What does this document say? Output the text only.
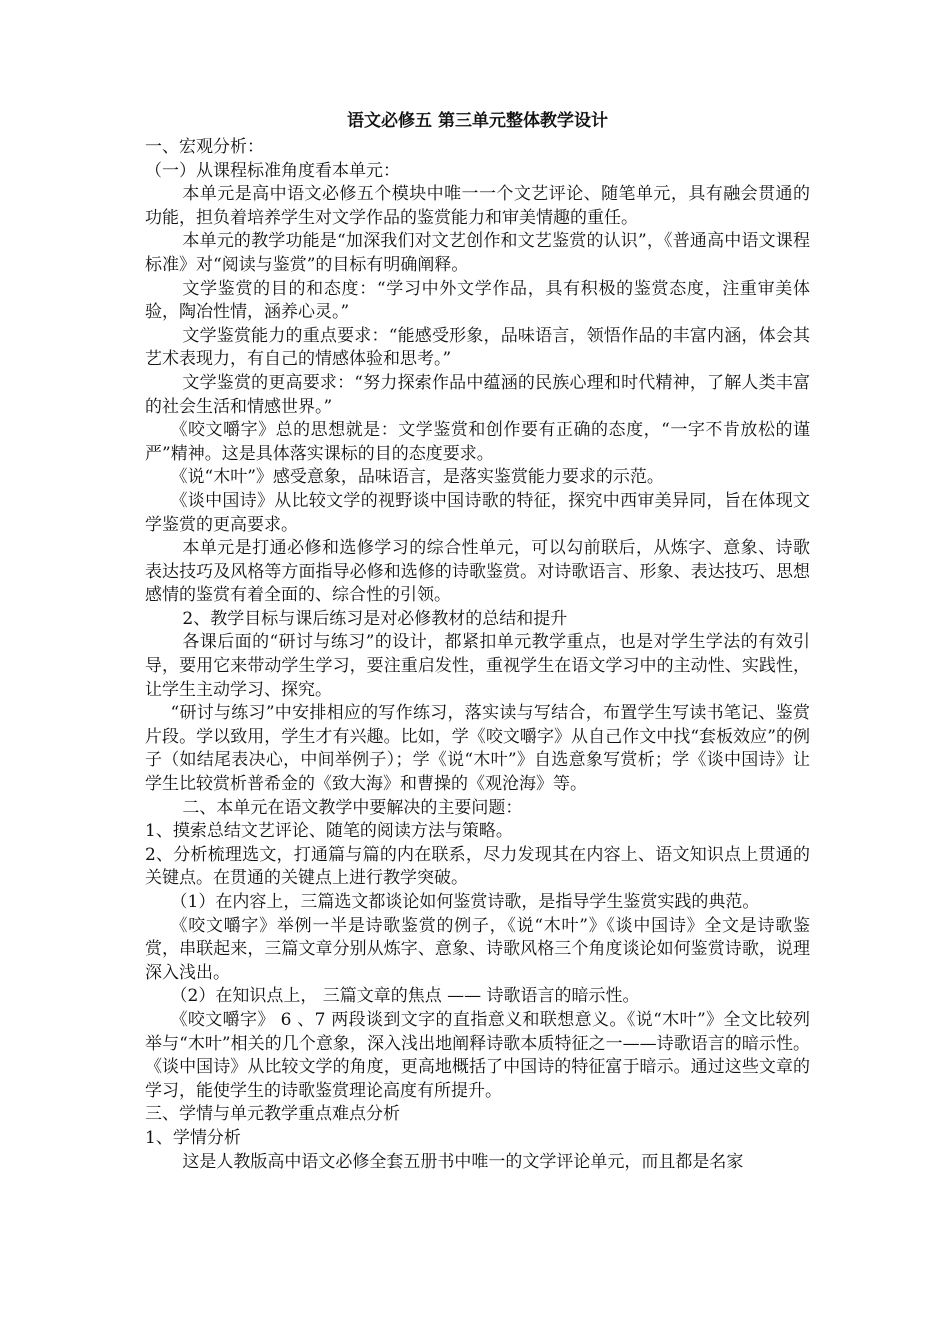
语文必修五 第三单元整体教学设计

一、宏观分析：

（一）从课程标准角度看本单元：

本单元是高中语文必修五个模块中唯一一个文艺评论、随笔单元，具有融会贯通的功能，担负着培养学生对文学作品的鉴赏能力和审美情趣的重任。

本单元的教学功能是“加深我们对文艺创作和文艺鉴赏的认识”，《普通高中语文课程标准》对“阅读与鉴赏”的目标有明确阐释。

文学鉴赏的目的和态度：“学习中外文学作品，具有积极的鉴赏态度，注重审美体验，陶冶性情，涵养心灵。”

文学鉴赏能力的重点要求：“能感受形象，品味语言，领悟作品的丰富内涵，体会其艺术表现力，有自己的情感体验和思考。”

文学鉴赏的更高要求：“努力探索作品中蕴涵的民族心理和时代精神，了解人类丰富的社会生活和情感世界。”

《咬文嚼字》总的思想就是：文学鉴赏和创作要有正确的态度，“一字不肯放松的谨严”精神。这是具体落实课标的目的态度要求。

《说“木叶”》感受意象，品味语言，是落实鉴赏能力要求的示范。

《谈中国诗》从比较文学的视野谈中国诗歌的特征，探究中西审美异同，旨在体现文学鉴赏的更高要求。

本单元是打通必修和选修学习的综合性单元，可以勾前联后，从炼字、意象、诗歌表达技巧及风格等方面指导必修和选修的诗歌鉴赏。对诗歌语言、形象、表达技巧、思想感情的鉴赏有着全面的、综合性的引领。

2、教学目标与课后练习是对必修教材的总结和提升

各课后面的“研讨与练习”的设计，都紧扣单元教学重点，也是对学生学法的有效引导，要用它来带动学生学习，要注重启发性，重视学生在语文学习中的主动性、实践性，让学生主动学习、探究。

“研讨与练习”中安排相应的写作练习，落实读与写结合，布置学生写读书笔记、鉴赏片段。学以致用，学生才有兴趣。比如，学《咬文嚼字》从自己作文中找“套板效应”的例子（如结尾表决心，中间举例子）；学《说“木叶”》自选意象写赏析；学《谈中国诗》让学生比较赏析普希金的《致大海》和曹操的《观沧海》等。

二、本单元在语文教学中要解决的主要问题：

1、摸索总结文艺评论、随笔的阅读方法与策略。

2、分析梳理选文，打通篇与篇的内在联系，尽力发现其在内容上、语文知识点上贯通的关键点。在贯通的关键点上进行教学突破。

（1）在内容上，三篇选文都谈论如何鉴赏诗歌，是指导学生鉴赏实践的典范。

《咬文嚼字》举例一半是诗歌鉴赏的例子，《说“木叶”》《谈中国诗》全文是诗歌鉴赏，串联起来，三篇文章分别从炼字、意象、诗歌风格三个角度谈论如何鉴赏诗歌，说理深入浅出。

（2）在知识点上， 三篇文章的焦点 —— 诗歌语言的暗示性。

《咬文嚼字》 6 、7 两段谈到文字的直指意义和联想意义。《说“木叶”》全文比较列举与“木叶”相关的几个意象，深入浅出地阐释诗歌本质特征之一——诗歌语言的暗示性。《谈中国诗》从比较文学的角度，更高地概括了中国诗的特征富于暗示。通过这些文章的学习，能使学生的诗歌鉴赏理论高度有所提升。

三、学情与单元教学重点难点分析

1、学情分析

这是人教版高中语文必修全套五册书中唯一的文学评论单元，而且都是名家
